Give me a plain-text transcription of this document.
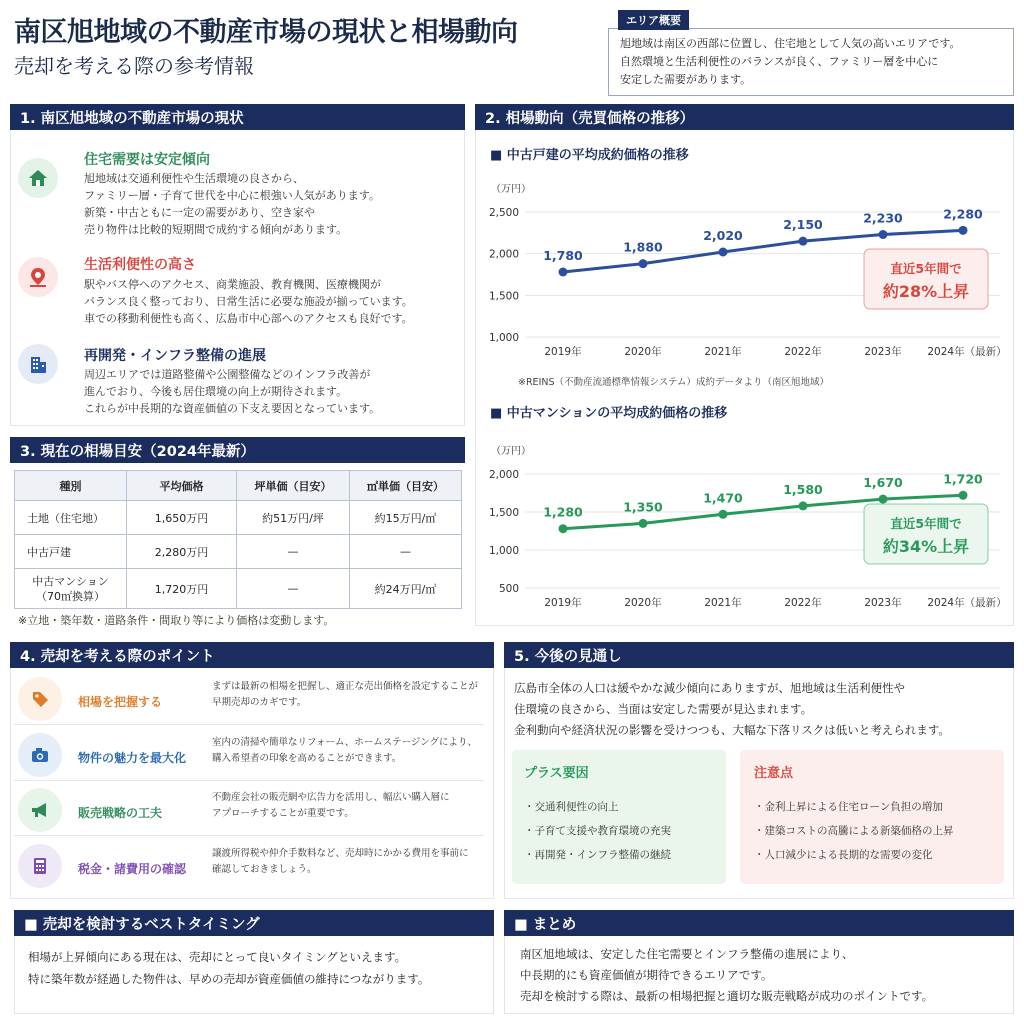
南区旭地域の不動産市場の現状と相場動向
売却を考える際の参考情報
エリア概要
旭地域は南区の西部に位置し、住宅地として人気の高いエリアです。
自然環境と生活利便性のバランスが良く、ファミリー層を中心に
安定した需要があります。
1. 南区旭地域の不動産市場の現状
住宅需要は安定傾向
旭地域は交通利便性や生活環境の良さから、
ファミリー層・子育て世代を中心に根強い人気があります。
新築・中古ともに一定の需要があり、空き家や
売り物件は比較的短期間で成約する傾向があります。
生活利便性の高さ
駅やバス停へのアクセス、商業施設、教育機関、医療機関が
バランス良く整っており、日常生活に必要な施設が揃っています。
車での移動利便性も高く、広島市中心部へのアクセスも良好です。
再開発・インフラ整備の進展
周辺エリアでは道路整備や公園整備などのインフラ改善が
進んでおり、今後も居住環境の向上が期待されます。
これらが中長期的な資産価値の下支え要因となっています。
3. 現在の相場目安（2024年最新）
種別	平均価格	坪単価（目安）	㎡単価（目安）
土地（住宅地）	1,650万円	約51万円/坪	約15万円/㎡
中古戸建	2,280万円	—	—
中古マンション
（70㎡換算）	1,720万円	—	約24万円/㎡
※立地・築年数・道路条件・間取り等により価格は変動します。
2. 相場動向（売買価格の推移）
■ 中古戸建の平均成約価格の推移
（万円）
1,000
1,500
2,000
2,500
2019年	2020年	2021年	2022年	2023年 2024年（最新）
1,780
1,880
2,020
2,150	2,230	2,280
直近5年間で
約28%上昇
※REINS（不動産流通標準情報システム）成約データより（南区旭地域）
■ 中古マンションの平均成約価格の推移
（万円）
500
1,000
1,500
2,000
2019年	2020年	2021年	2022年	2023年 2024年（最新）
1,280	1,350
1,470
1,580	1,670	1,720
直近5年間で
約34%上昇
4. 売却を考える際のポイント
相場を把握する
まずは最新の相場を把握し、適正な売出価格を設定することが
早期売却のカギです。
物件の魅力を最大化
室内の清掃や簡単なリフォーム、ホームステージングにより、
購入希望者の印象を高めることができます。
販売戦略の工夫
不動産会社の販売網や広告力を活用し、幅広い購入層に
アプローチすることが重要です。
税金・諸費用の確認
譲渡所得税や仲介手数料など、売却時にかかる費用を事前に
確認しておきましょう。
5. 今後の見通し
広島市全体の人口は緩やかな減少傾向にありますが、旭地域は生活利便性や
住環境の良さから、当面は安定した需要が見込まれます。
金利動向や経済状況の影響を受けつつも、大幅な下落リスクは低いと考えられます。
プラス要因
・交通利便性の向上
・子育て支援や教育環境の充実
・再開発・インフラ整備の継続
注意点
・金利上昇による住宅ローン負担の増加
・建築コストの高騰による新築価格の上昇
・人口減少による長期的な需要の変化
■ 売却を検討するベストタイミング
相場が上昇傾向にある現在は、売却にとって良いタイミングといえます。
特に築年数が経過した物件は、早めの売却が資産価値の維持につながります。
■ まとめ
南区旭地域は、安定した住宅需要とインフラ整備の進展により、
中長期的にも資産価値が期待できるエリアです。
売却を検討する際は、最新の相場把握と適切な販売戦略が成功のポイントです。
